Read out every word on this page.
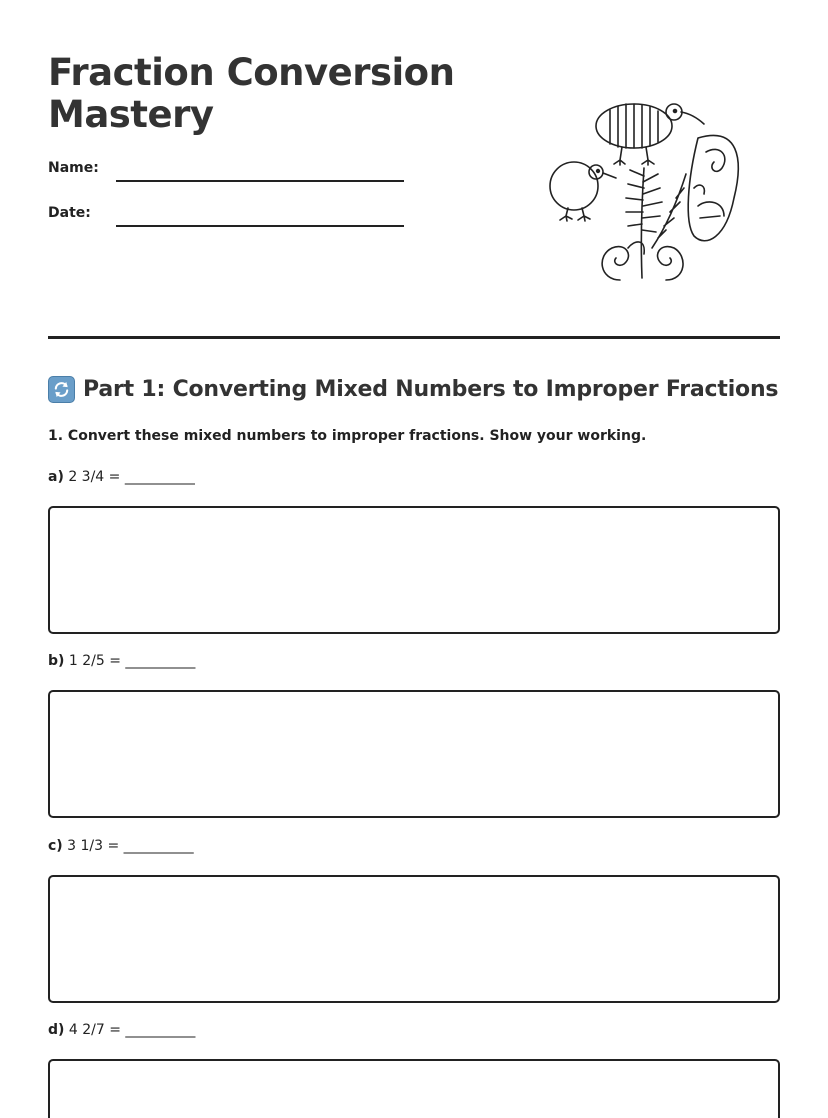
Fraction Conversion Mastery
Name:
Date:
Part 1: Converting Mixed Numbers to Improper Fractions

1. Convert these mixed numbers to improper fractions. Show your working.

a) 2 3/4 = __________
b) 1 2/5 = __________
c) 3 1/3 = __________
d) 4 2/7 = __________
